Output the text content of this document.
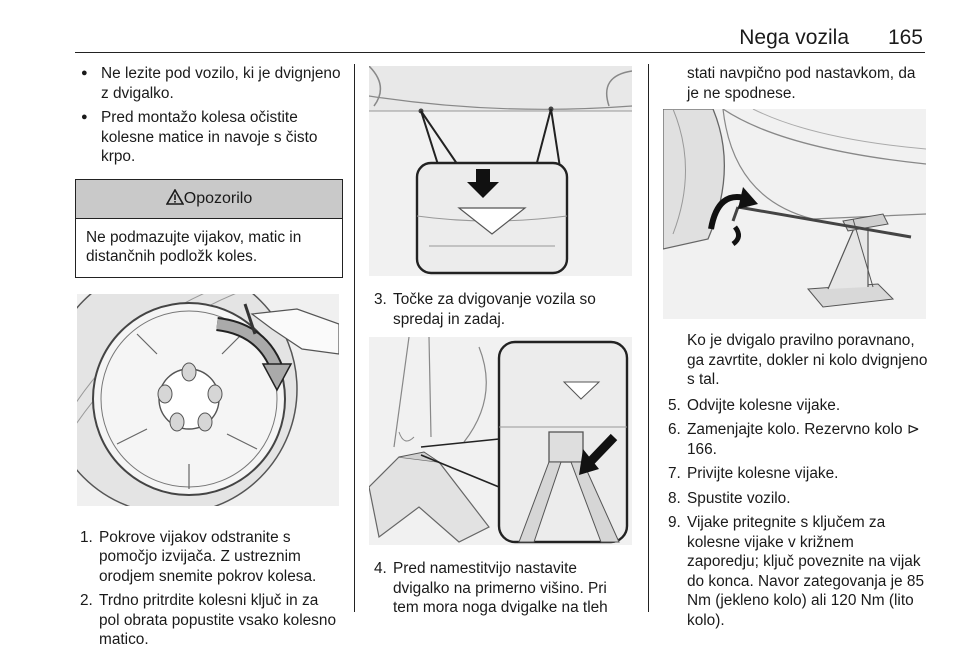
Nega vozila 165
● Ne lezite pod vozilo, ki je dvignjeno z dvigalko.
● Pred montažo kolesa očistite kolesne matice in navoje s čisto krpo.
Opozorilo
Ne podmazujte vijakov, matic in distančnih podložk koles.
1. Pokrove vijakov odstranite s pomočjo izvijača. Z ustreznim orodjem snemite pokrov kolesa.
2. Trdno pritrdite kolesni ključ in za pol obrata popustite vsako kolesno matico.
3. Točke za dvigovanje vozila so spredaj in zadaj.
4. Pred namestitvijo nastavite dvigalko na primerno višino. Pri tem mora noga dvigalke na tleh
stati navpično pod nastavkom, da je ne spodnese.
Ko je dvigalo pravilno poravnano, ga zavrtite, dokler ni kolo dvignjeno s tal.
5. Odvijte kolesne vijake.
6. Zamenjajte kolo. Rezervno kolo ⊳ 166.
7. Privijte kolesne vijake.
8. Spustite vozilo.
9. Vijake pritegnite s ključem za kolesne vijake v križnem zaporedju; ključ poveznite na vijak do konca. Navor zategovanja je 85 Nm (jekleno kolo) ali 120 Nm (lito kolo).
